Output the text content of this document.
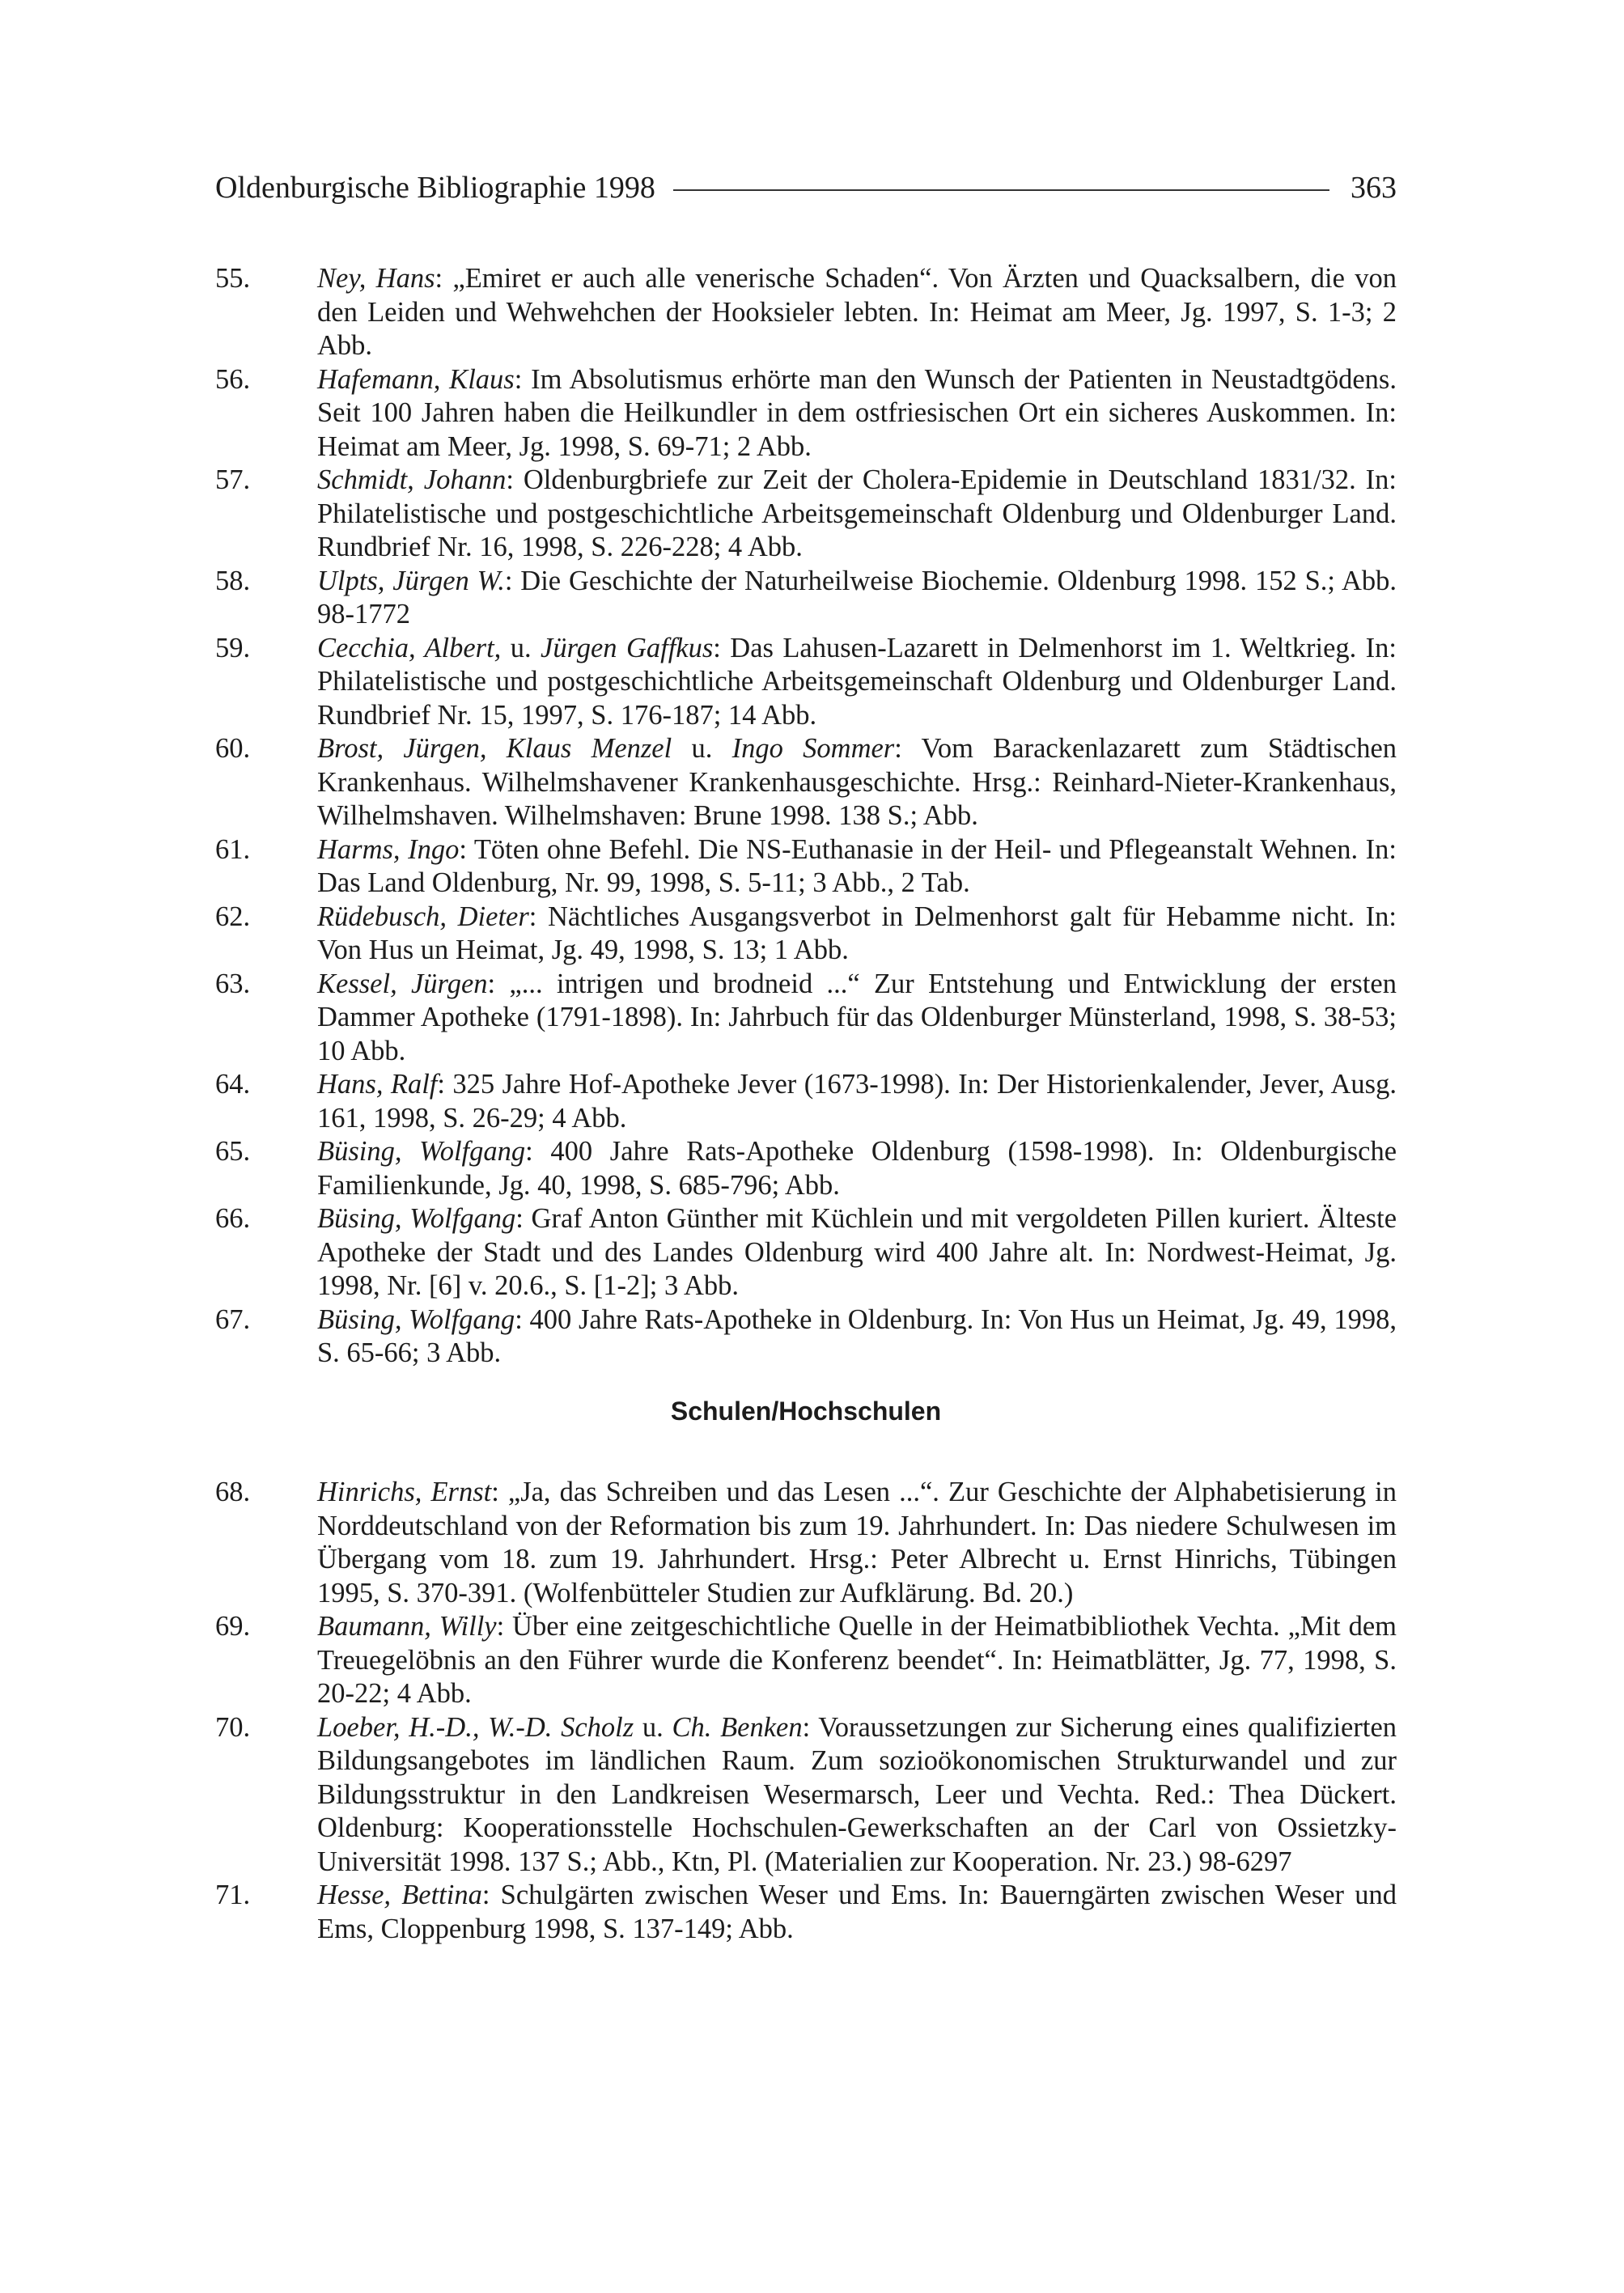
Oldenburgische Bibliographie 1998	363
55.	Ney, Hans: „Emiret er auch alle venerische Schaden“. Von Ärzten und Quacksalbern, die von den Leiden und Wehwehchen der Hooksieler lebten. In: Heimat am Meer, Jg. 1997, S. 1-3; 2 Abb.
56.	Hafemann, Klaus: Im Absolutismus erhörte man den Wunsch der Patienten in Neustadtgödens. Seit 100 Jahren haben die Heilkundler in dem ostfriesischen Ort ein sicheres Auskommen. In: Heimat am Meer, Jg. 1998, S. 69-71; 2 Abb.
57.	Schmidt, Johann: Oldenburgbriefe zur Zeit der Cholera-Epidemie in Deutschland 1831/32. In: Philatelistische und postgeschichtliche Arbeitsgemeinschaft Oldenburg und Oldenburger Land. Rundbrief Nr. 16, 1998, S. 226-228; 4 Abb.
58.	Ulpts, Jürgen W.: Die Geschichte der Naturheilweise Biochemie. Oldenburg 1998. 152 S.; Abb. 98-1772
59.	Cecchia, Albert, u. Jürgen Gaffkus: Das Lahusen-Lazarett in Delmenhorst im 1. Weltkrieg. In: Philatelistische und postgeschichtliche Arbeitsgemeinschaft Oldenburg und Oldenburger Land. Rundbrief Nr. 15, 1997, S. 176-187; 14 Abb.
60.	Brost, Jürgen, Klaus Menzel u. Ingo Sommer: Vom Barackenlazarett zum Städtischen Krankenhaus. Wilhelmshavener Krankenhausgeschichte. Hrsg.: Reinhard-Nieter-Krankenhaus, Wilhelmshaven. Wilhelmshaven: Brune 1998. 138 S.; Abb.
61.	Harms, Ingo: Töten ohne Befehl. Die NS-Euthanasie in der Heil- und Pflegeanstalt Wehnen. In: Das Land Oldenburg, Nr. 99, 1998, S. 5-11; 3 Abb., 2 Tab.
62.	Rüdebusch, Dieter: Nächtliches Ausgangsverbot in Delmenhorst galt für Hebamme nicht. In: Von Hus un Heimat, Jg. 49, 1998, S. 13; 1 Abb.
63.	Kessel, Jürgen: „... intrigen und brodneid ...“ Zur Entstehung und Entwicklung der ersten Dammer Apotheke (1791-1898). In: Jahrbuch für das Oldenburger Münsterland, 1998, S. 38-53; 10 Abb.
64.	Hans, Ralf: 325 Jahre Hof-Apotheke Jever (1673-1998). In: Der Historienkalender, Jever, Ausg. 161, 1998, S. 26-29; 4 Abb.
65.	Büsing, Wolfgang: 400 Jahre Rats-Apotheke Oldenburg (1598-1998). In: Oldenburgische Familienkunde, Jg. 40, 1998, S. 685-796; Abb.
66.	Büsing, Wolfgang: Graf Anton Günther mit Küchlein und mit vergoldeten Pillen kuriert. Älteste Apotheke der Stadt und des Landes Oldenburg wird 400 Jahre alt. In: Nordwest-Heimat, Jg. 1998, Nr. [6] v. 20.6., S. [1-2]; 3 Abb.
67.	Büsing, Wolfgang: 400 Jahre Rats-Apotheke in Oldenburg. In: Von Hus un Heimat, Jg. 49, 1998, S. 65-66; 3 Abb.
Schulen/Hochschulen
68.	Hinrichs, Ernst: „Ja, das Schreiben und das Lesen ...“. Zur Geschichte der Alphabetisierung in Norddeutschland von der Reformation bis zum 19. Jahrhundert. In: Das niedere Schulwesen im Übergang vom 18. zum 19. Jahrhundert. Hrsg.: Peter Albrecht u. Ernst Hinrichs, Tübingen 1995, S. 370-391. (Wolfenbütteler Studien zur Aufklärung. Bd. 20.)
69.	Baumann, Willy: Über eine zeitgeschichtliche Quelle in der Heimatbibliothek Vechta. „Mit dem Treuegelöbnis an den Führer wurde die Konferenz beendet“. In: Heimatblätter, Jg. 77, 1998, S. 20-22; 4 Abb.
70.	Loeber, H.-D., W.-D. Scholz u. Ch. Benken: Voraussetzungen zur Sicherung eines qualifizierten Bildungsangebotes im ländlichen Raum. Zum sozioökonomischen Strukturwandel und zur Bildungsstruktur in den Landkreisen Wesermarsch, Leer und Vechta. Red.: Thea Dückert. Oldenburg: Kooperationsstelle Hochschulen-Gewerkschaften an der Carl von Ossietzky-Universität 1998. 137 S.; Abb., Ktn, Pl. (Materialien zur Kooperation. Nr. 23.) 98-6297
71.	Hesse, Bettina: Schulgärten zwischen Weser und Ems. In: Bauerngärten zwischen Weser und Ems, Cloppenburg 1998, S. 137-149; Abb.
